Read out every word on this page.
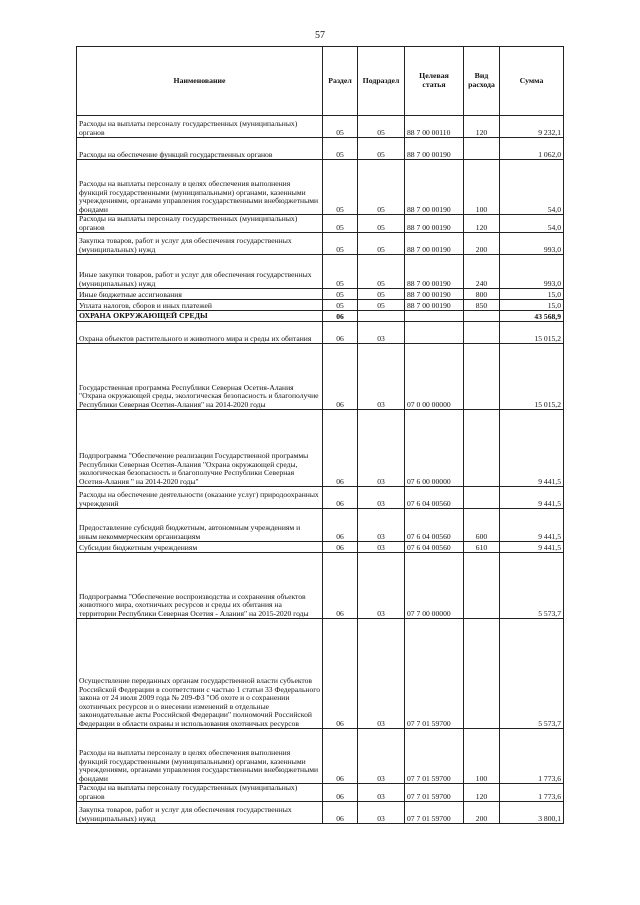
57
Наименование	Раздел	Подраздел	Целевая статья	Вид расхода	Сумма
Расходы на выплаты персоналу государственных (муниципальных) органов	05	05	88 7 00 00110	120	9 232,1
Расходы на обеспечение функций государственных органов	05	05	88 7 00 00190		1 062,0
Расходы на выплаты персоналу в целях обеспечения выполнения функций государственными (муниципальными) органами, казенными учреждениями, органами управления государственными внебюджетными фондами	05	05	88 7 00 00190	100	54,0
Расходы на выплаты персоналу государственных (муниципальных) органов	05	05	88 7 00 00190	120	54,0
Закупка товаров, работ и услуг для обеспечения государственных (муниципальных) нужд	05	05	88 7 00 00190	200	993,0
Иные закупки товаров, работ и услуг для обеспечения государственных (муниципальных) нужд	05	05	88 7 00 00190	240	993,0
Иные бюджетные ассигнования	05	05	88 7 00 00190	800	15,0
Уплата налогов, сборов и иных платежей	05	05	88 7 00 00190	850	15,0
ОХРАНА ОКРУЖАЮЩЕЙ СРЕДЫ	06				43 568,9
Охрана объектов растительного и животного мира и среды их обитания	06	03			15 015,2
Государственная программа Республики Северная Осетия-Алания "Охрана окружающей среды, экологическая безопасность и благополучие Республики Северная Осетия-Алания" на 2014-2020 годы	06	03	07 0 00 00000		15 015,2
Подпрограмма "Обеспечение реализации Государственной программы Республики Северная Осетия-Алания "Охрана окружающей среды, экологическая безопасность и благополучие Республики Северная Осетия-Алания " на 2014-2020 годы"	06	03	07 6 00 00000		9 441,5
Расходы на обеспечение деятельности (оказание услуг) природоохранных учреждений	06	03	07 6 04 00560		9 441,5
Предоставление субсидий бюджетным, автономным учреждениям и иным некоммерческим организациям	06	03	07 6 04 00560	600	9 441,5
Субсидии бюджетным учреждениям	06	03	07 6 04 00560	610	9 441,5
Подпрограмма "Обеспечение воспроизводства и сохранения объектов животного мира, охотничьих ресурсов и среды их обитания на территории Республики Северная Осетия - Алания" на 2015-2020 годы	06	03	07 7 00 00000		5 573,7
Осуществление переданных органам государственной власти субъектов Российской Федерации в соответствии с частью 1 статьи 33 Федерального закона от 24 июля 2009 года № 209-ФЗ "Об охоте и о сохранении охотничьих ресурсов и о внесении изменений в отдельные законодательные акты Российской Федерации" полномочий Российской Федерации в области охраны и использования охотничьих ресурсов	06	03	07 7 01 59700		5 573,7
Расходы на выплаты персоналу в целях обеспечения выполнения функций государственными (муниципальными) органами, казенными учреждениями, органами управления государственными внебюджетными фондами	06	03	07 7 01 59700	100	1 773,6
Расходы на выплаты персоналу государственных (муниципальных) органов	06	03	07 7 01 59700	120	1 773,6
Закупка товаров, работ и услуг для обеспечения государственных (муниципальных) нужд	06	03	07 7 01 59700	200	3 800,1
